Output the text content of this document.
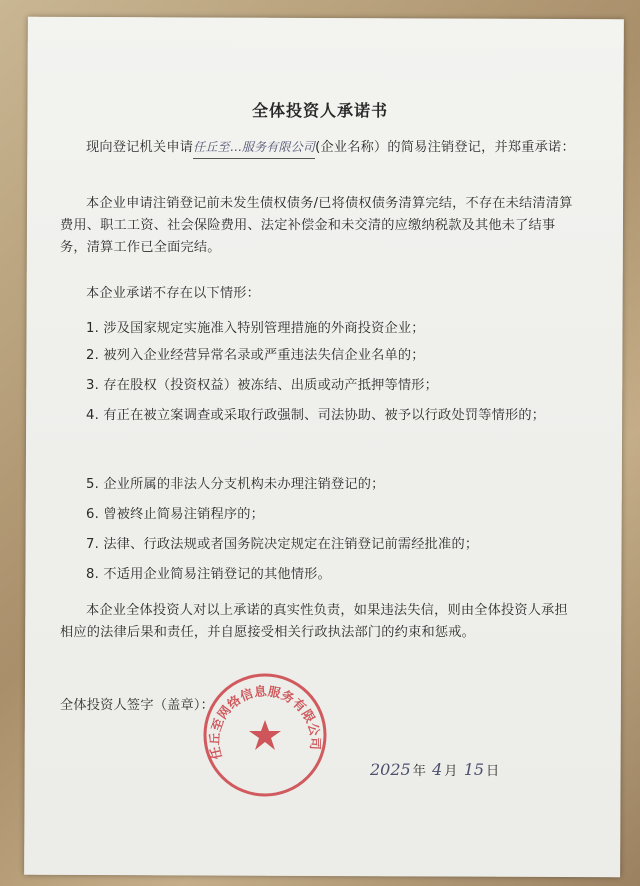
全体投资人承诺书

现向登记机关申请任丘至…服务有限公司(企业名称）的简易注销登记，并郑重承诺：

本企业申请注销登记前未发生债权债务/已将债权债务清算完结，不存在未结清清算费用、职工工资、社会保险费用、法定补偿金和未交清的应缴纳税款及其他未了结事务，清算工作已全面完结。

本企业承诺不存在以下情形：

1. 涉及国家规定实施准入特别管理措施的外商投资企业；

2. 被列入企业经营异常名录或严重违法失信企业名单的；

3. 存在股权（投资权益）被冻结、出质或动产抵押等情形；

4. 有正在被立案调查或采取行政强制、司法协助、被予以行政处罚等情形的；

5. 企业所属的非法人分支机构未办理注销登记的；

6. 曾被终止简易注销程序的；

7. 法律、行政法规或者国务院决定规定在注销登记前需经批准的；

8. 不适用企业简易注销登记的其他情形。

本企业全体投资人对以上承诺的真实性负责，如果违法失信，则由全体投资人承担相应的法律后果和责任，并自愿接受相关行政执法部门的约束和惩戒。

全体投资人签字（盖章）：

任丘至网络信息服务有限公司
2025 年 4 月 15 日
